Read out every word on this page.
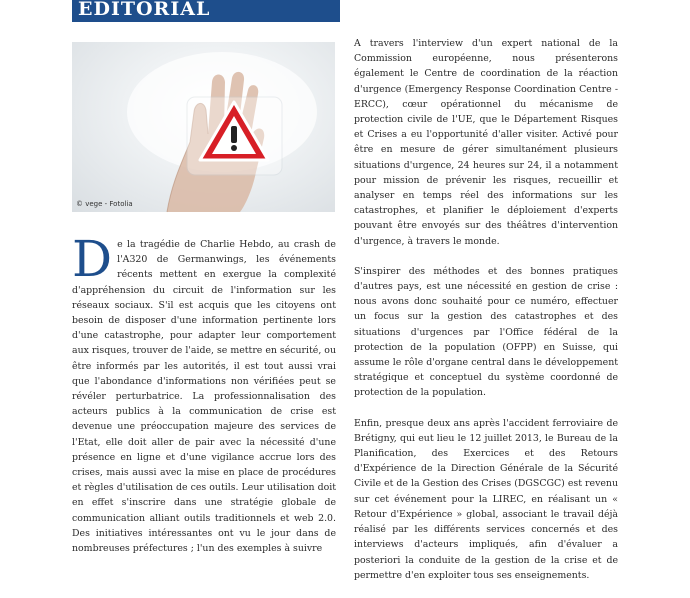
EDITORIAL
© vege - Fotolia
D e la tragédie de Charlie Hebdo, au crash de l'A320 de Germanwings, les événements récents mettent en exergue la complexité d'appréhension du circuit de l'information sur les réseaux sociaux. S'il est acquis que les citoyens ont besoin de disposer d'une information pertinente lors d'une catastrophe, pour adapter leur comportement aux risques, trouver de l'aide, se mettre en sécurité, ou être informés par les autorités, il est tout aussi vrai que l'abondance d'informations non vérifiées peut se révéler perturbatrice. La professionnalisation des acteurs publics à la communication de crise est devenue une préoccupation majeure des services de l'Etat, elle doit aller de pair avec la nécessité d'une présence en ligne et d'une vigilance accrue lors des crises, mais aussi avec la mise en place de procédures et règles d'utilisation de ces outils. Leur utilisation doit en effet s'inscrire dans une stratégie globale de communication alliant outils traditionnels et web 2.0. Des initiatives intéressantes ont vu le jour dans de nombreuses préfectures ; l'un des exemples à suivre

A travers l'interview d'un expert national de la Commission européenne, nous présenterons également le Centre de coordination de la réaction d'urgence (Emergency Response Coordination Centre - ERCC), cœur opérationnel du mécanisme de protection civile de l'UE, que le Département Risques et Crises a eu l'opportunité d'aller visiter. Activé pour être en mesure de gérer simultanément plusieurs situations d'urgence, 24 heures sur 24, il a notamment pour mission de prévenir les risques, recueillir et analyser en temps réel des informations sur les catastrophes, et planifier le déploiement d'experts pouvant être envoyés sur des théâtres d'intervention d'urgence, à travers le monde.

S'inspirer des méthodes et des bonnes pratiques d'autres pays, est une nécessité en gestion de crise : nous avons donc souhaité pour ce numéro, effectuer un focus sur la gestion des catastrophes et des situations d'urgences par l'Office fédéral de la protection de la population (OFPP) en Suisse, qui assume le rôle d'organe central dans le développement stratégique et conceptuel du système coordonné de protection de la population.

Enfin, presque deux ans après l'accident ferroviaire de Brétigny, qui eut lieu le 12 juillet 2013, le Bureau de la Planification, des Exercices et des Retours d'Expérience de la Direction Générale de la Sécurité Civile et de la Gestion des Crises (DGSCGC) est revenu sur cet événement pour la LIREC, en réalisant un « Retour d'Expérience » global, associant le travail déjà réalisé par les différents services concernés et des interviews d'acteurs impliqués, afin d'évaluer a posteriori la conduite de la gestion de la crise et de permettre d'en exploiter tous ses enseignements.
